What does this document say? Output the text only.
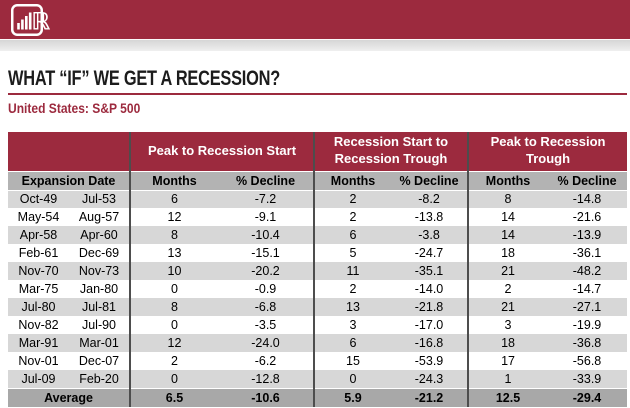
ℝ
WHAT “IF” WE GET A RECESSION?
United States: S&P 500
		Peak to Recession Start		Recession Start to Recession Trough		Peak to Recession Trough	
Expansion Date		Months	% Decline	Months	% Decline	Months	% Decline
Oct-49	Jul-53	6	-7.2	2	-8.2	8	-14.8
May-54	Aug-57	12	-9.1	2	-13.8	14	-21.6
Apr-58	Apr-60	8	-10.4	6	-3.8	14	-13.9
Feb-61	Dec-69	13	-15.1	5	-24.7	18	-36.1
Nov-70	Nov-73	10	-20.2	11	-35.1	21	-48.2
Mar-75	Jan-80	0	-0.9	2	-14.0	2	-14.7
Jul-80	Jul-81	8	-6.8	13	-21.8	21	-27.1
Nov-82	Jul-90	0	-3.5	3	-17.0	3	-19.9
Mar-91	Mar-01	12	-24.0	6	-16.8	18	-36.8
Nov-01	Dec-07	2	-6.2	15	-53.9	17	-56.8
Jul-09	Feb-20	0	-12.8	0	-24.3	1	-33.9
Average		6.5	-10.6	5.9	-21.2	12.5	-29.4
